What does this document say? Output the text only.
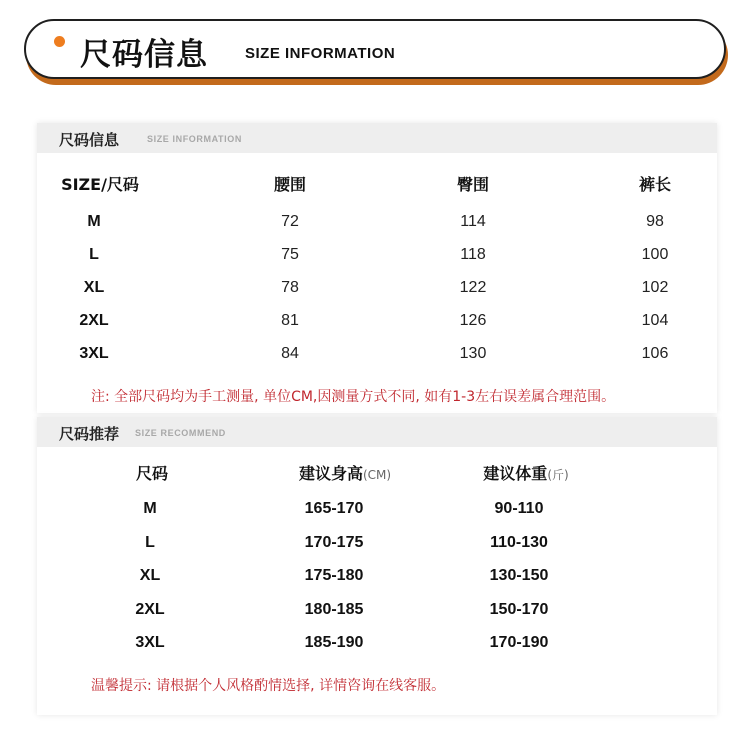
尺码信息 SIZE INFORMATION
尺码信息	SIZE INFORMATION
SIZE/尺码	腰围	臀围	裤长
M	72	114	98
L	75	118	100
XL	78	122	102
2XL	81	126	104
3XL	84	130	106
注: 全部尺码均为手工测量, 单位CM,因测量方式不同, 如有1-3左右误差属合理范围。
尺码推荐 SIZE RECOMMEND
尺码	建议身高(CM)	建议体重(斤)
M	165-170	90-110
L	170-175	110-130
XL	175-180	130-150
2XL	180-185	150-170
3XL	185-190	170-190
温馨提示: 请根据个人风格酌情选择, 详情咨询在线客服。
